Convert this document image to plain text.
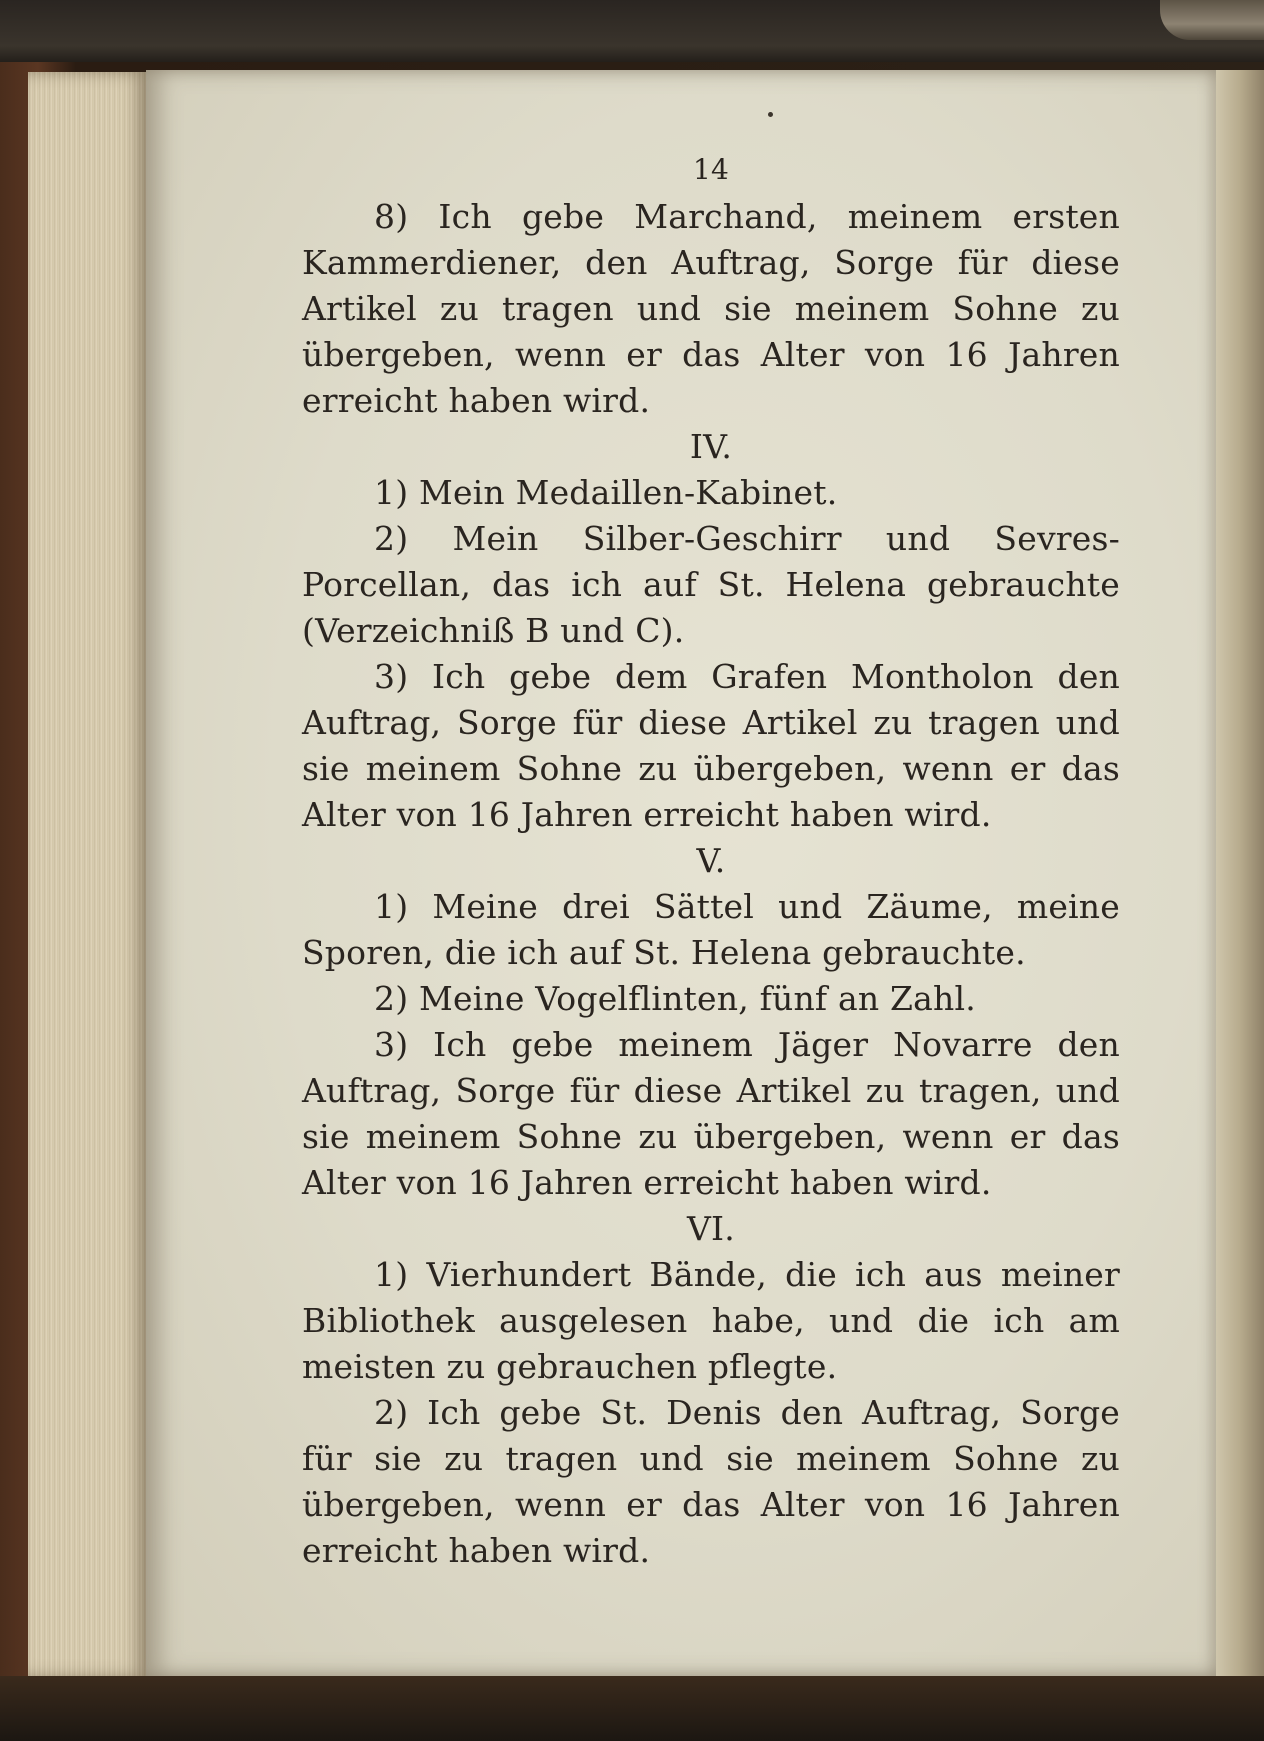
14

8) Ich gebe Marchand, meinem ersten Kammerdiener, den Auftrag, Sorge für diese Artikel zu tragen und sie meinem Sohne zu übergeben, wenn er das Alter von 16 Jahren erreicht haben wird.

IV.

1) Mein Medaillen-Kabinet.

2) Mein Silber-Geschirr und Sevres-Porcellan, das ich auf St. Helena gebrauchte (Verzeichniß B und C).

3) Ich gebe dem Grafen Montholon den Auftrag, Sorge für diese Artikel zu tragen und sie meinem Sohne zu übergeben, wenn er das Alter von 16 Jahren erreicht haben wird.

V.

1) Meine drei Sättel und Zäume, meine Sporen, die ich auf St. Helena gebrauchte.

2) Meine Vogelflinten, fünf an Zahl.

3) Ich gebe meinem Jäger Novarre den Auftrag, Sorge für diese Artikel zu tragen, und sie meinem Sohne zu übergeben, wenn er das Alter von 16 Jahren erreicht haben wird.

VI.

1) Vierhundert Bände, die ich aus meiner Bibliothek ausgelesen habe, und die ich am meisten zu gebrauchen pflegte.

2) Ich gebe St. Denis den Auftrag, Sorge für sie zu tragen und sie meinem Sohne zu übergeben, wenn er das Alter von 16 Jahren erreicht haben wird.
